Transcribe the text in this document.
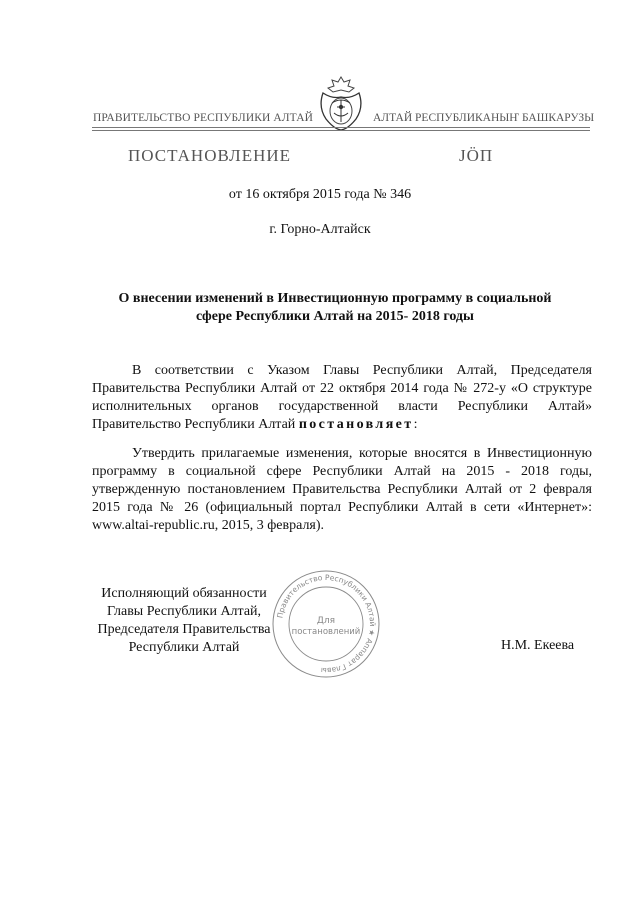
ПРАВИТЕЛЬСТВО РЕСПУБЛИКИ АЛТАЙ	АЛТАЙ РЕСПУБЛИКАНЫҤ БАШКАРУЗЫ
ПОСТАНОВЛЕНИЕ	JÖП
от 16 октября 2015 года № 346
г. Горно-Алтайск
О внесении изменений в Инвестиционную программу в социальной сфере Республики Алтай на 2015- 2018 годы
В соответствии с Указом Главы Республики Алтай, Председателя Правительства Республики Алтай от 22 октября 2014 года № 272-у «О структуре исполнительных органов государственной власти Республики Алтай» Правительство Республики Алтай постановляет:
Утвердить прилагаемые изменения, которые вносятся в Инвестиционную программу в социальной сфере Республики Алтай на 2015 - 2018 годы, утвержденную постановлением Правительства Республики Алтай от 2 февраля 2015 года № 26 (официальный портал Республики Алтай в сети «Интернет»: www.altai-republic.ru, 2015, 3 февраля).
Исполняющий обязанности
Главы Республики Алтай,
Председателя Правительства
Республики Алтай	Н.М. Екеева
Правительство Республики Алтай ★ Аппарат Главы
Для
постановлений
